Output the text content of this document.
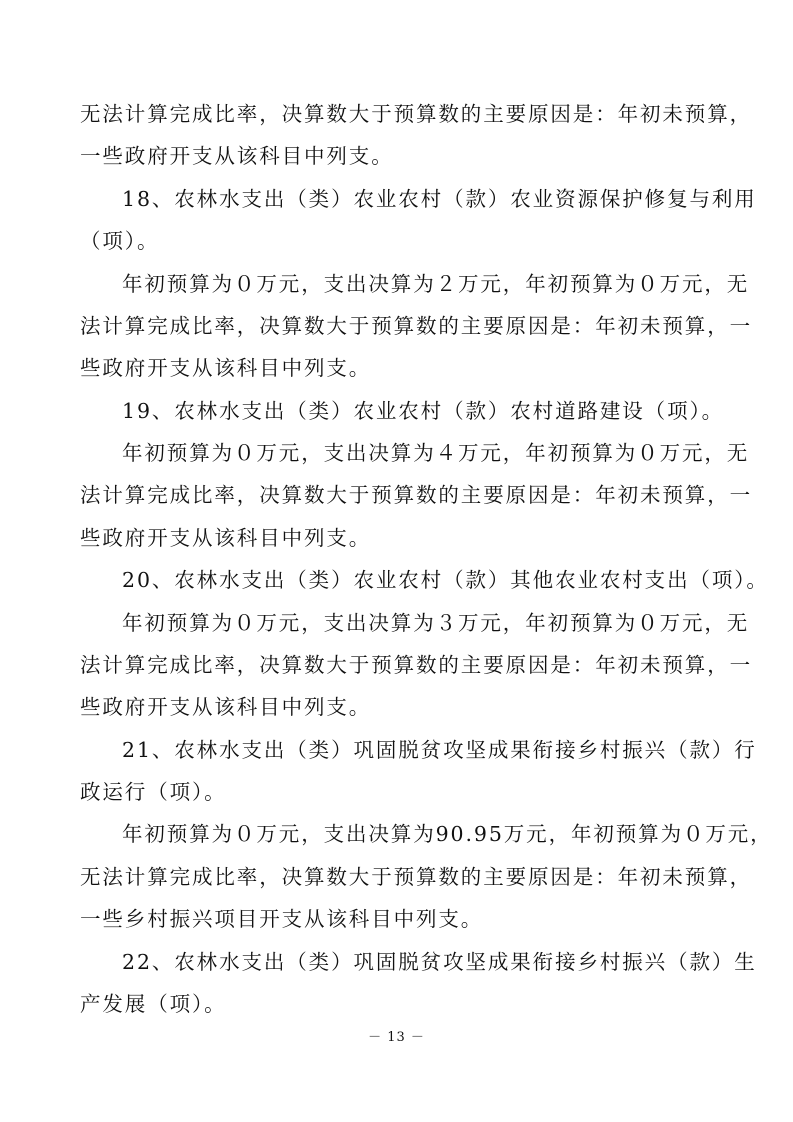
无法计算完成比率，决算数大于预算数的主要原因是：年初未预算，
一些政府开支从该科目中列支。
18、农林水支出（类）农业农村（款）农业资源保护修复与利用
（项）。
年初预算为０万元，支出决算为２万元，年初预算为０万元，无
法计算完成比率，决算数大于预算数的主要原因是：年初未预算，一
些政府开支从该科目中列支。
19、农林水支出（类）农业农村（款）农村道路建设（项）。
年初预算为０万元，支出决算为４万元，年初预算为０万元，无
法计算完成比率，决算数大于预算数的主要原因是：年初未预算，一
些政府开支从该科目中列支。
20、农林水支出（类）农业农村（款）其他农业农村支出（项）。
年初预算为０万元，支出决算为３万元，年初预算为０万元，无
法计算完成比率，决算数大于预算数的主要原因是：年初未预算，一
些政府开支从该科目中列支。
21、农林水支出（类）巩固脱贫攻坚成果衔接乡村振兴（款）行
政运行（项）。
年初预算为０万元，支出决算为90.95万元，年初预算为０万元，
无法计算完成比率，决算数大于预算数的主要原因是：年初未预算，
一些乡村振兴项目开支从该科目中列支。
－ 13 －
22、农林水支出（类）巩固脱贫攻坚成果衔接乡村振兴（款）生
产发展（项）。
